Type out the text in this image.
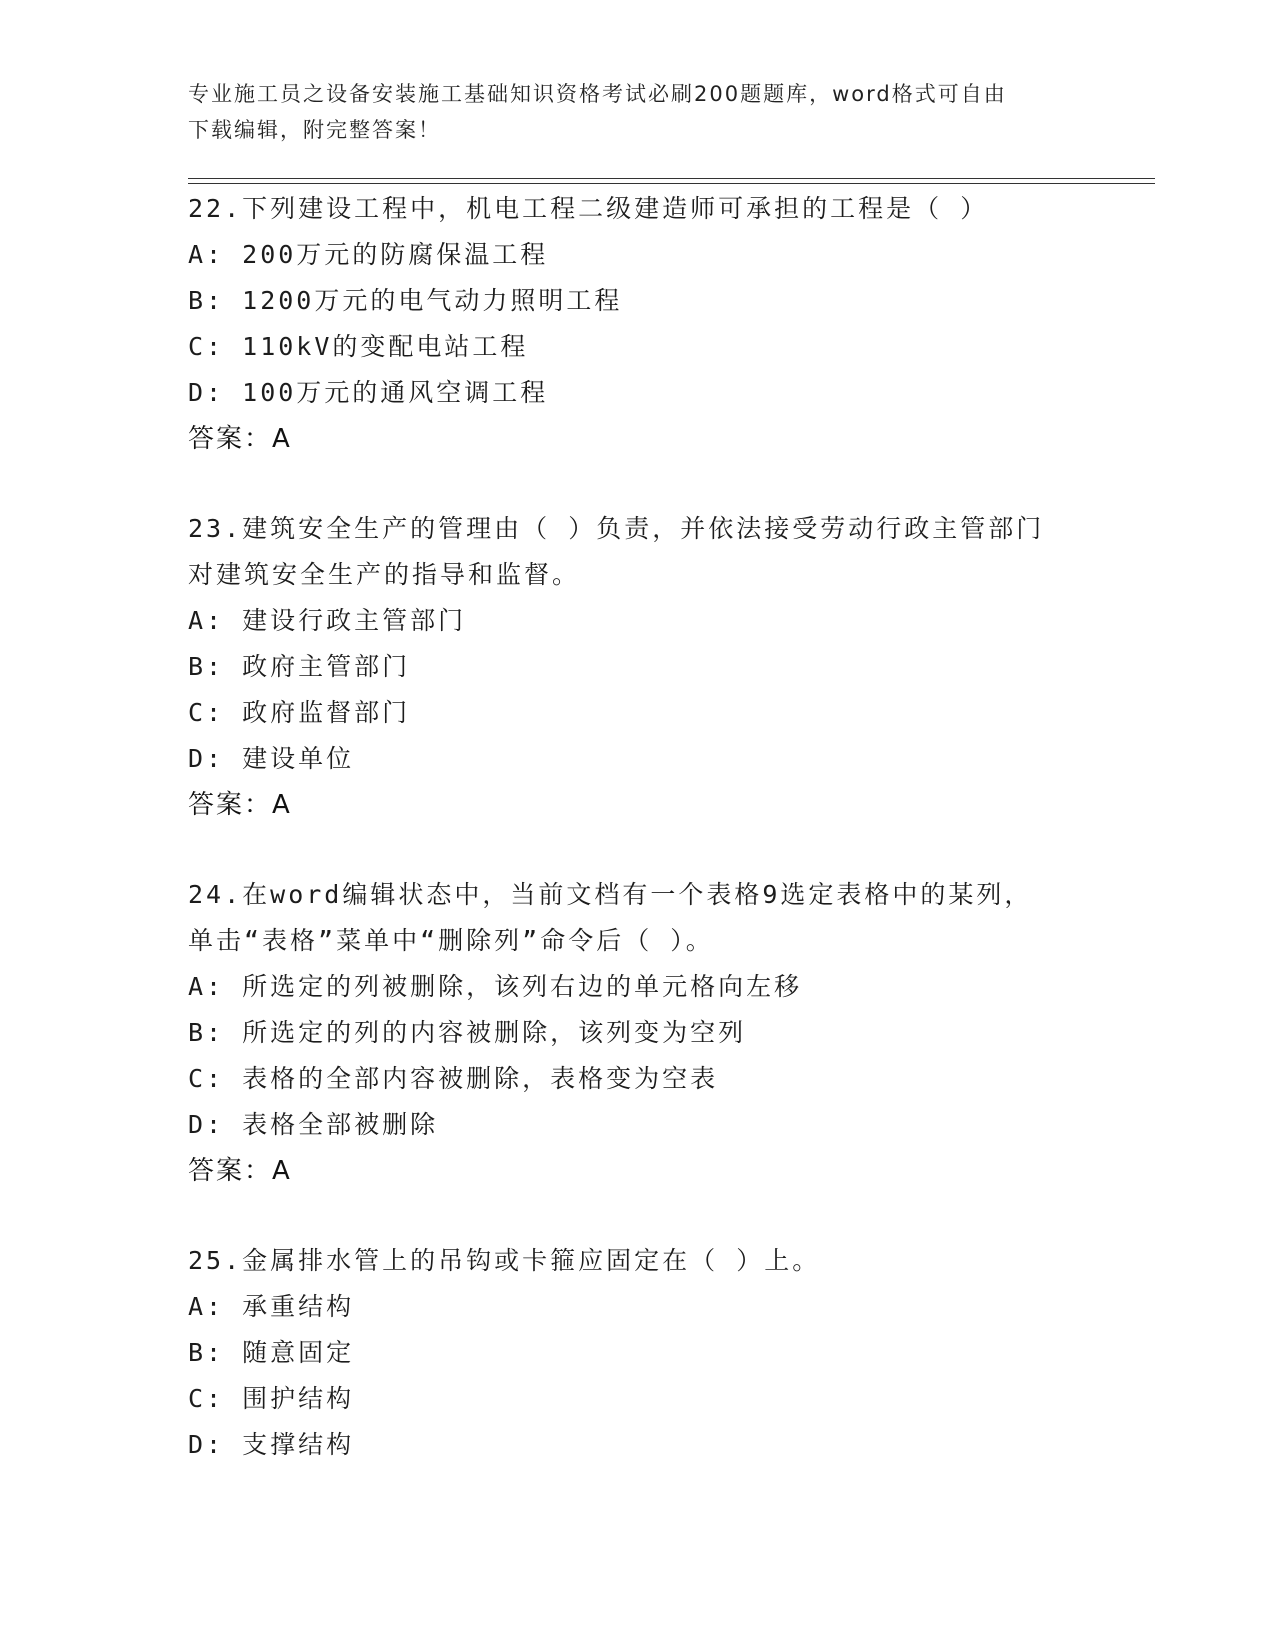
专业施工员之设备安装施工基础知识资格考试必刷200题题库，word格式可自由
下载编辑，附完整答案！
22.下列建设工程中，机电工程二级建造师可承担的工程是（ ）
A: 200万元的防腐保温工程
B: 1200万元的电气动力照明工程
C: 110kV的变配电站工程
D: 100万元的通风空调工程
答案：A
23.建筑安全生产的管理由（ ）负责，并依法接受劳动行政主管部门
对建筑安全生产的指导和监督。
A: 建设行政主管部门
B: 政府主管部门
C: 政府监督部门
D: 建设单位
答案：A
24.在word编辑状态中，当前文档有一个表格9选定表格中的某列，
单击“表格”菜单中“删除列”命令后（ ）。
A: 所选定的列被删除，该列右边的单元格向左移
B: 所选定的列的内容被删除，该列变为空列
C: 表格的全部内容被删除，表格变为空表
D: 表格全部被删除
答案：A
25.金属排水管上的吊钩或卡箍应固定在（ ）上。
A: 承重结构
B: 随意固定
C: 围护结构
D: 支撑结构
